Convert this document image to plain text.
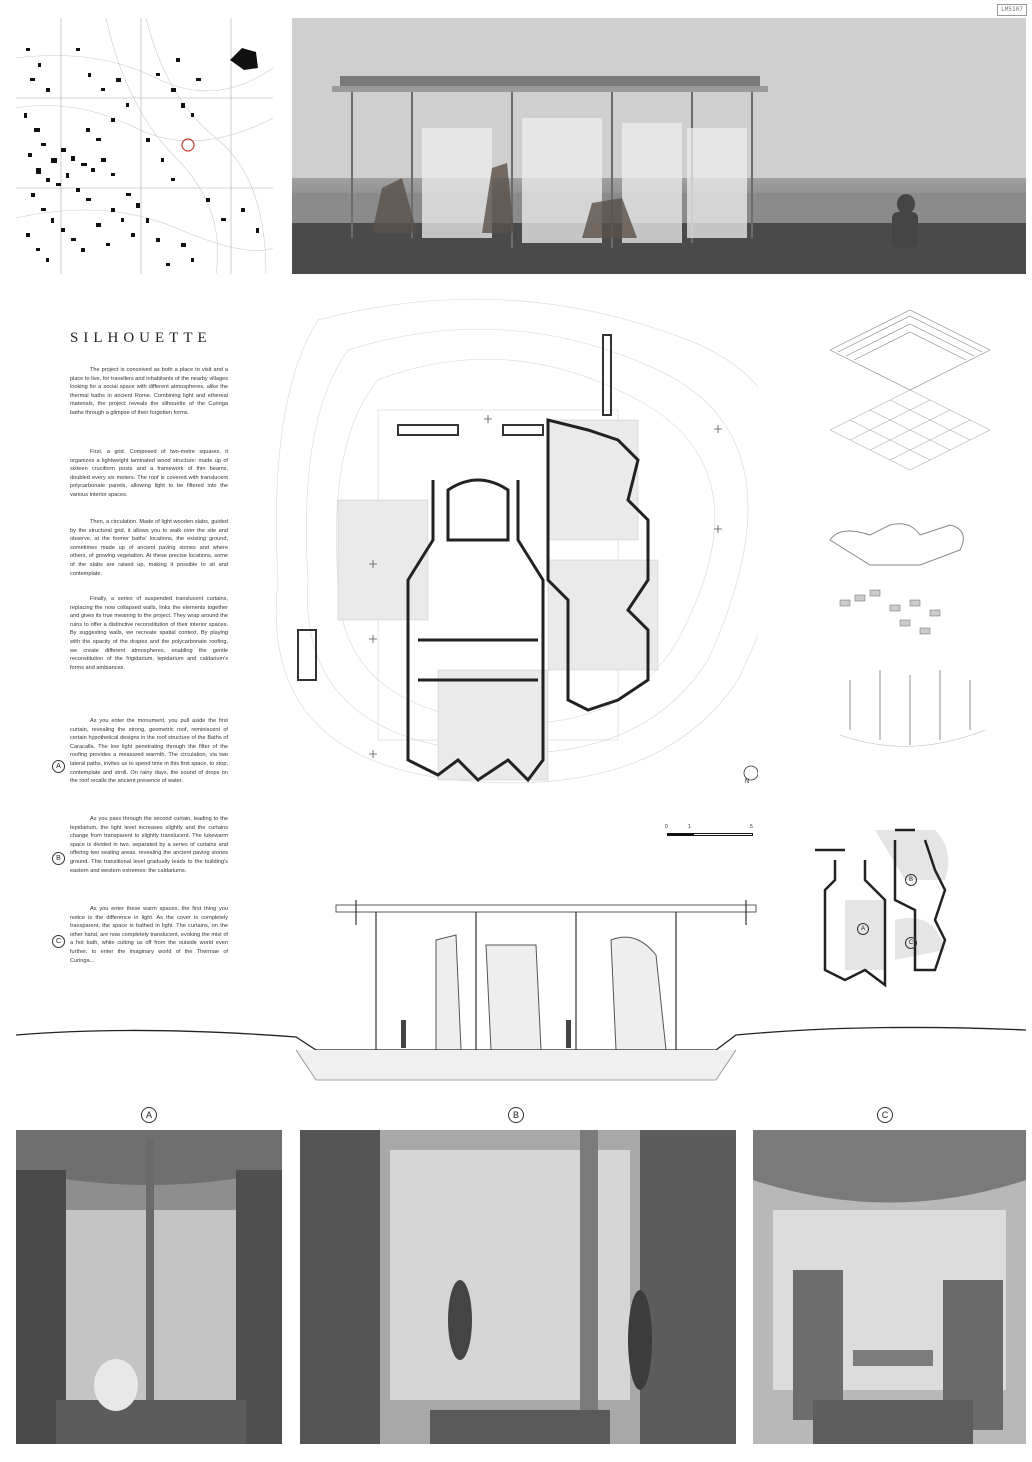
LM5107
SILHOUETTE

The project is conceived as both a place to visit and a place to live, for travellers and inhabitants of the nearby villages looking for a social space with different atmospheres, alike the thermal baths in ancient Rome. Combining light and ethereal materials, the project reveals the silhouette of the Curinga baths through a glimpse of their forgotten forms.

First, a grid. Composed of two-metre squares, it organizes a lightweight laminated wood structure: made up of sixteen cruciform posts and a framework of thin beams, doubled every six meters. The roof is covered with translucent polycarbonate panels, allowing light to be filtered into the various interior spaces.

Then, a circulation. Made of light wooden slabs, guided by the structural grid, it allows you to walk over the site and observe, at the former baths' locations, the existing ground, sometimes made up of ancient paving stones and where others, of growing vegetation. At these precise locations, some of the slabs are raised up, making it possible to sit and contemplate.

Finally, a series of suspended translucent curtains, replacing the now collapsed walls, links the elements together and gives its true meaning to the project. They wrap around the ruins to offer a distinctive reconstitution of their interior spaces. By suggesting walls, we recreate spatial context. By playing with the opacity of the drapes and the polycarbonate roofing, we create different atmospheres, enabling the gentle reconstitution of the frigidarium, tepidarium and caldarium's forms and ambiances.

As you enter the monument, you pull aside the first curtain, revealing the strong, geometric roof, reminiscent of certain hypothetical designs in the roof structure of the Baths of Caracalla. The low light penetrating through the filter of the roofing provides a measured warmth. The circulation, via two lateral paths, invites us to spend time in this first space, to stop, contemplate and stroll. On rainy days, the sound of drops on the roof recalls the ancient presence of water.

As you pass through the second curtain, leading to the tepidarium, the light level increases slightly and the curtains change from transparent to slightly translucent. The lukewarm space is divided in two, separated by a series of curtains and offering two seating areas, revealing the ancient paving stones ground. This transitional level gradually leads to the building's eastern and western extremes: the caldariums.

As you enter these warm spaces, the first thing you notice is the difference in light. As the cover is completely transparent, the space is bathed in light. The curtains, on the other hand, are now completely translucent, evoking the mist of a hot bath, while cutting us off from the outside world even further, to enter the imaginary world of the Thermae of Curinga...

A
B
C
N
0	1	5
A
B
C
A	B	C
